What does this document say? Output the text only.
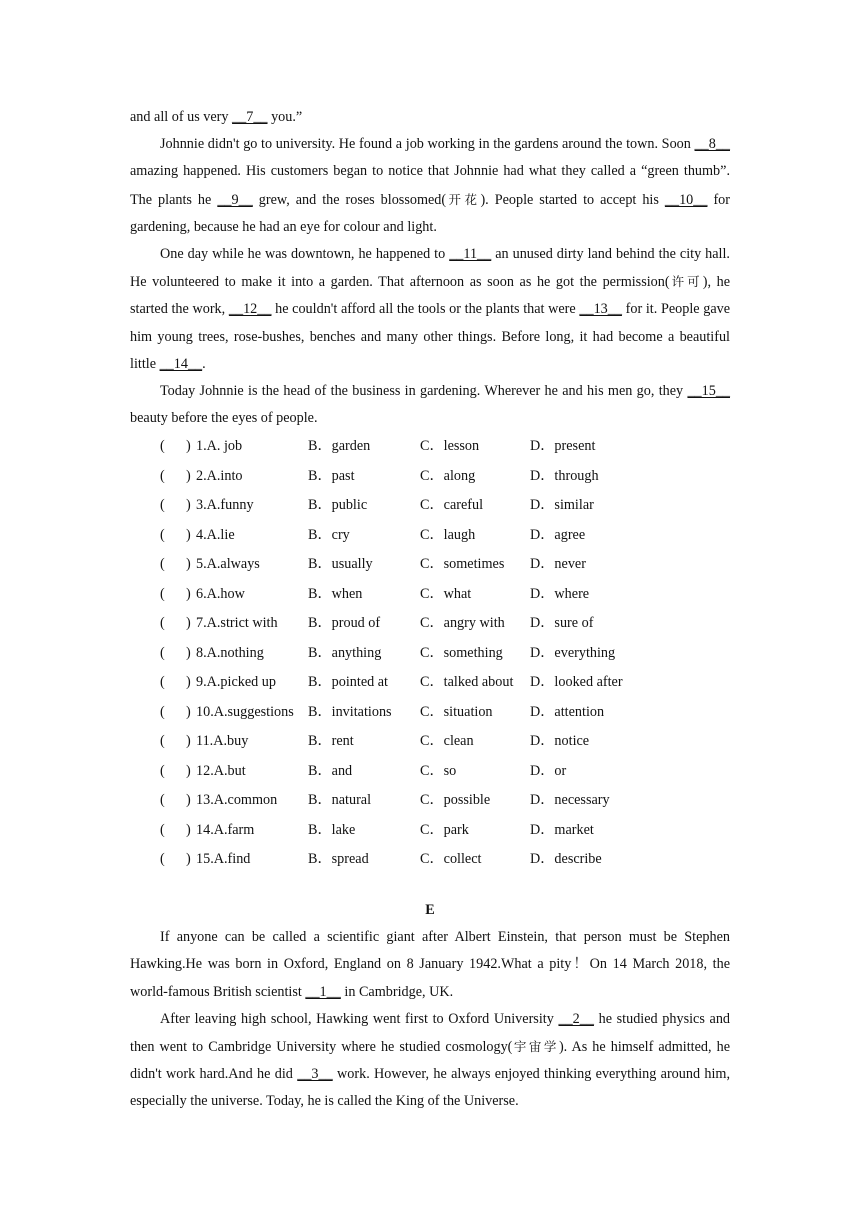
and all of us very __7__ you.”

Johnnie didn't go to university. He found a job working in the gardens around the town. Soon __8__ amazing happened. His customers began to notice that Johnnie had what they called a “green thumb”. The plants he __9__ grew, and the roses blossomed(开花). People started to accept his __10__ for gardening, because he had an eye for colour and light.

One day while he was downtown, he happened to __11__ an unused dirty land behind the city hall. He volunteered to make it into a garden. That afternoon as soon as he got the permission(许可), he started the work, __12__ he couldn't afford all the tools or the plants that were __13__ for it. People gave him young trees, rose-bushes, benches and many other things. Before long, it had become a beautiful little __14__.

Today Johnnie is the head of the business in gardening. Wherever he and his men go, they __15__ beauty before the eyes of people.

(      ) 1.A. job	B．garden	C．lesson	D．present
(      ) 2.A.into	B．past	C．along	D．through
(      ) 3.A.funny	B．public	C．careful	D．similar
(      ) 4.A.lie	B．cry	C．laugh	D．agree
(      ) 5.A.always	B．usually	C．sometimes D．never
(      ) 6.A.how	B．when	C．what	D．where
(      ) 7.A.strict with B．proud of	C．angry with D．sure of
(      ) 8.A.nothing	B．anything	C．something D．everything
(      ) 9.A.picked up B．pointed at C．talked about D．looked after
(      ) 10.A.suggestions B．invitations C．situation	D．attention
(      ) 11.A.buy	B．rent	C．clean	D．notice
(      ) 12.A.but	B．and	C．so	D．or
(      ) 13.A.common B．natural	C．possible	D．necessary
(      ) 14.A.farm	B．lake	C．park	D．market
(      ) 15.A.find	B．spread	C．collect	D．describe
E

If anyone can be called a scientific giant after Albert Einstein, that person must be Stephen Hawking.He was born in Oxford, England on 8 January 1942.What a pity！On 14 March 2018, the world-famous British scientist __1__ in Cambridge, UK.

After leaving high school, Hawking went first to Oxford University __2__ he studied physics and then went to Cambridge University where he studied cosmology(宇宙学). As he himself admitted, he didn't work hard.And he did __3__ work. However, he always enjoyed thinking everything around him, especially the universe. Today, he is called the King of the Universe.
